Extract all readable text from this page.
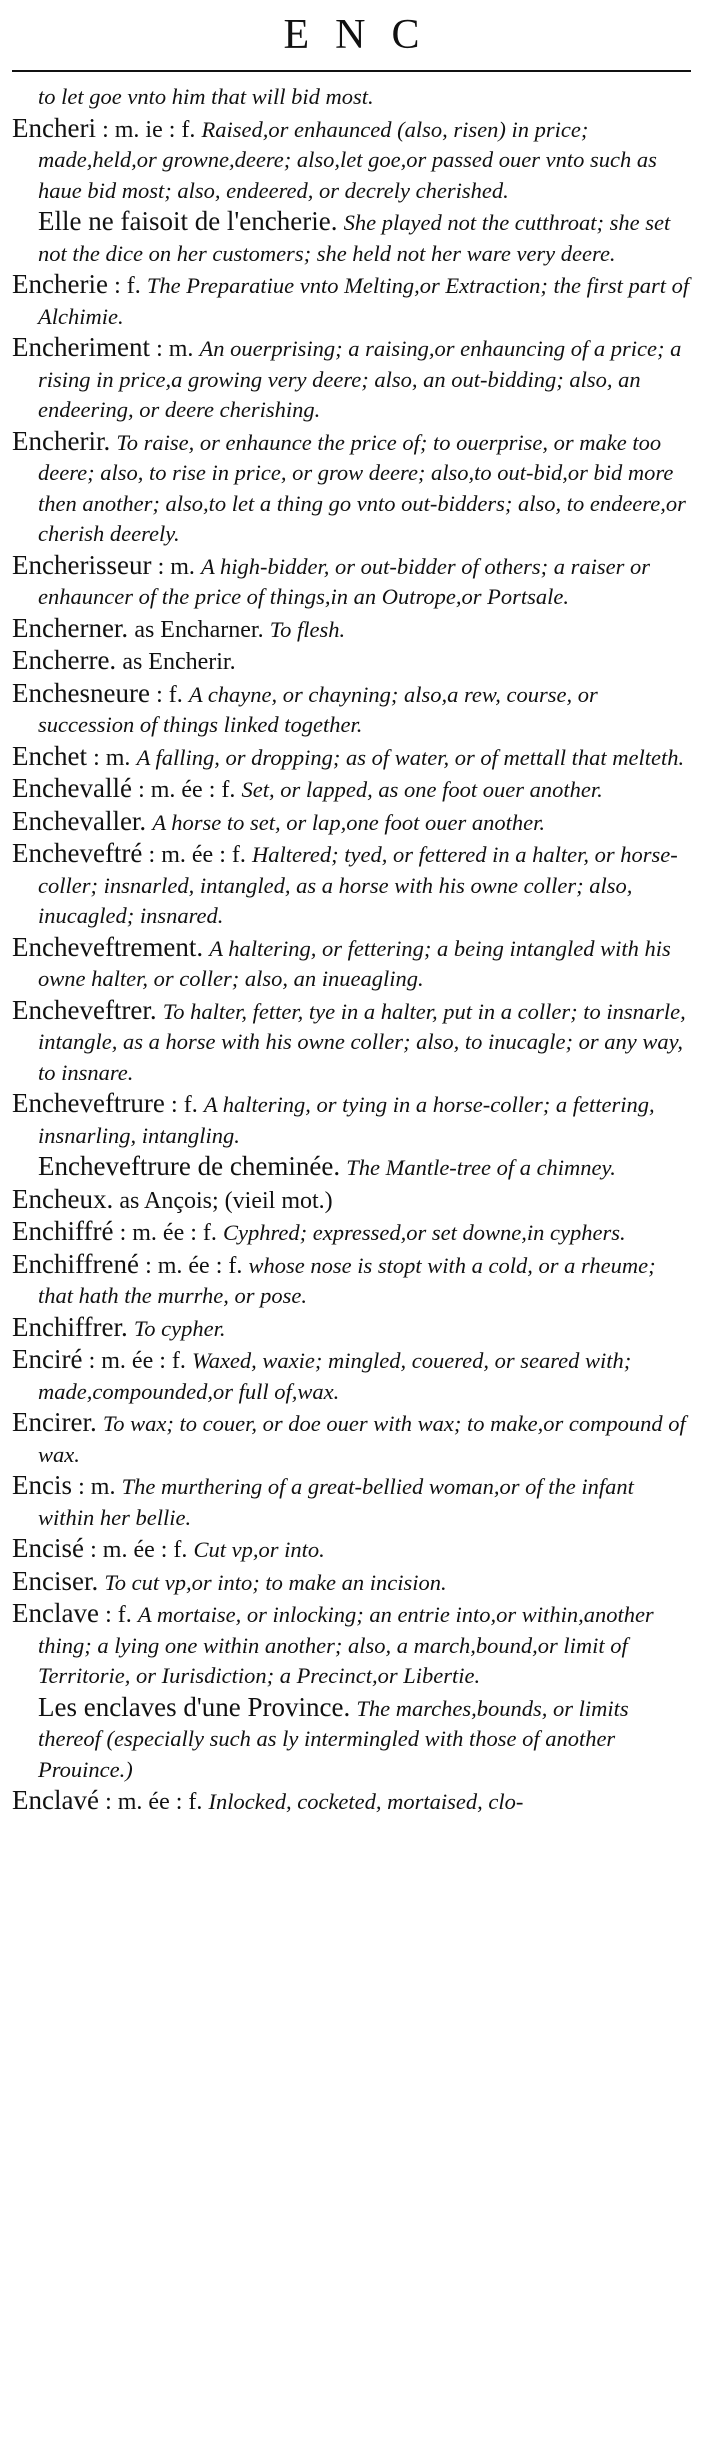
ENC

to let goe vnto him that will bid most.

Encheri : m. ie : f. Raised,or enhaunced (also, risen) in price; made,held,or growne,deere; also,let goe,or passed ouer vnto such as haue bid most; also, endeered, or decrely cherished.

Elle ne faisoit de l'encherie. She played not the cutthroat; she set not the dice on her customers; she held not her ware very deere.

Encherie : f. The Preparatiue vnto Melting,or Extraction; the first part of Alchimie.

Encheriment : m. An ouerprising; a raising,or enhauncing of a price; a rising in price,a growing very deere; also, an out-bidding; also, an endeering, or deere cherishing.

Encherir. To raise, or enhaunce the price of; to ouerprise, or make too deere; also, to rise in price, or grow deere; also,to out-bid,or bid more then another; also,to let a thing go vnto out-bidders; also, to endeere,or cherish deerely.

Encherisseur : m. A high-bidder, or out-bidder of others; a raiser or enhauncer of the price of things,in an Outrope,or Portsale.

Encherner. as Encharner. To flesh.

Encherre. as Encherir.

Enchesneure : f. A chayne, or chayning; also,a rew, course, or succession of things linked together.

Enchet : m. A falling, or dropping; as of water, or of mettall that melteth.

Enchevallé : m. ée : f. Set, or lapped, as one foot ouer another.

Enchevaller. A horse to set, or lap,one foot ouer another.

Encheveftré : m. ée : f. Haltered; tyed, or fettered in a halter, or horse-coller; insnarled, intangled, as a horse with his owne coller; also, inucagled; insnared.

Encheveftrement. A haltering, or fettering; a being intangled with his owne halter, or coller; also, an inueagling.

Encheveftrer. To halter, fetter, tye in a halter, put in a coller; to insnarle, intangle, as a horse with his owne coller; also, to inucagle; or any way, to insnare.

Encheveftrure : f. A haltering, or tying in a horse-coller; a fettering, insnarling, intangling.

Encheveftrure de cheminée. The Mantle-tree of a chimney.

Encheux. as Ançois; (vieil mot.)

Enchiffré : m. ée : f. Cyphred; expressed,or set downe,in cyphers.

Enchiffrené : m. ée : f. whose nose is stopt with a cold, or a rheume; that hath the murrhe, or pose.

Enchiffrer. To cypher.

Enciré : m. ée : f. Waxed, waxie; mingled, couered, or seared with; made,compounded,or full of,wax.

Encirer. To wax; to couer, or doe ouer with wax; to make,or compound of wax.

Encis : m. The murthering of a great-bellied woman,or of the infant within her bellie.

Encisé : m. ée : f. Cut vp,or into.

Enciser. To cut vp,or into; to make an incision.

Enclave : f. A mortaise, or inlocking; an entrie into,or within,another thing; a lying one within another; also, a march,bound,or limit of Territorie, or Iurisdiction; a Precinct,or Libertie.

Les enclaves d'une Province. The marches,bounds, or limits thereof (especially such as ly intermingled with those of another Prouince.)

Enclavé : m. ée : f. Inlocked, cocketed, mortaised, clo-
